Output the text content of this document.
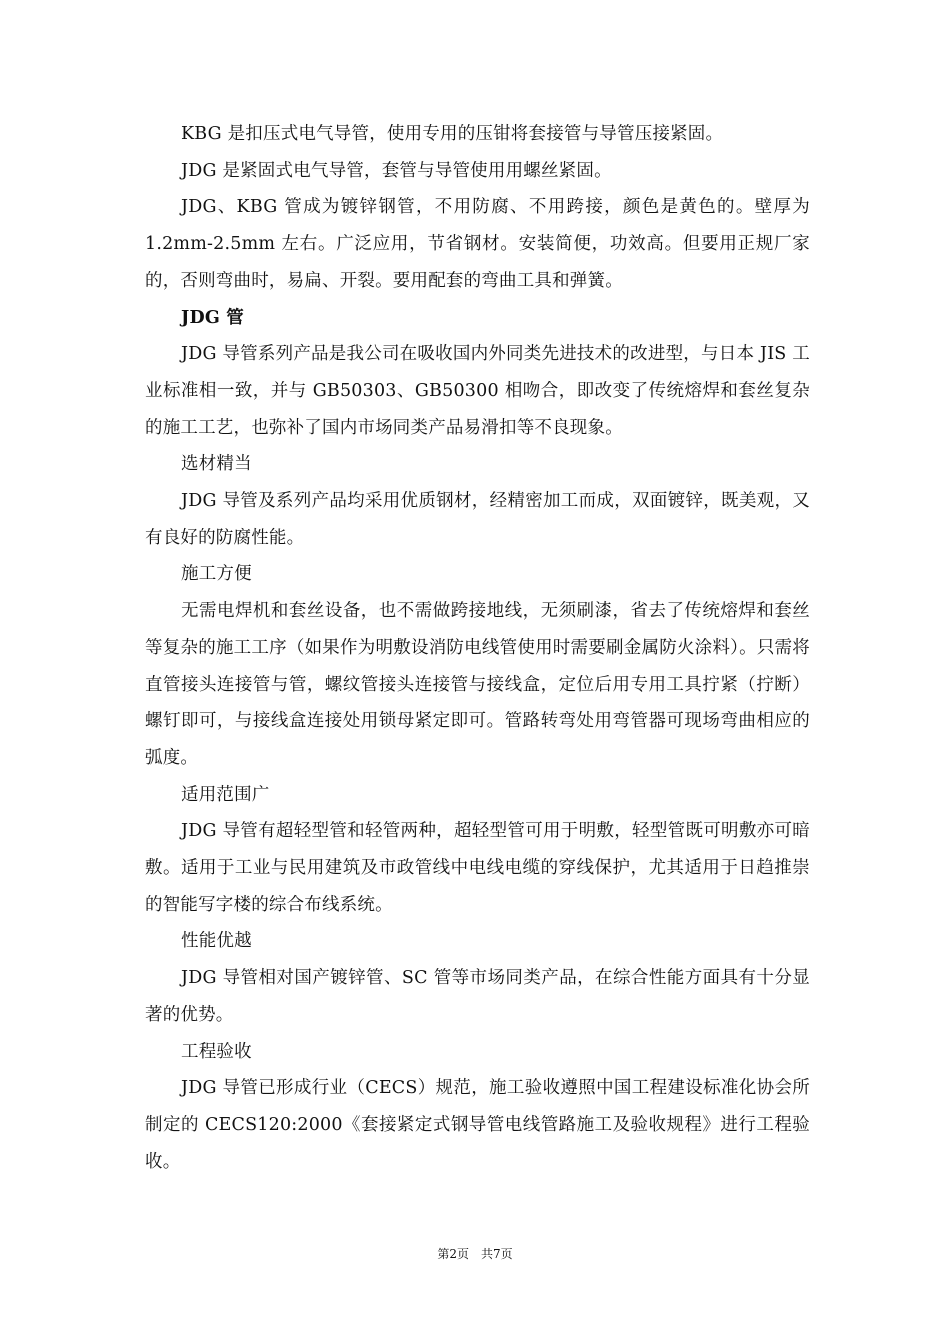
KBG 是扣压式电气导管，使用专用的压钳将套接管与导管压接紧固。

JDG 是紧固式电气导管，套管与导管使用用螺丝紧固。

JDG、KBG 管成为镀锌钢管，不用防腐、不用跨接，颜色是黄色的。壁厚为 1.2mm-2.5mm 左右。广泛应用，节省钢材。安装简便，功效高。但要用正规厂家的，否则弯曲时，易扁、开裂。要用配套的弯曲工具和弹簧。

JDG 管

JDG 导管系列产品是我公司在吸收国内外同类先进技术的改进型，与日本 JIS 工业标准相一致，并与 GB50303、GB50300 相吻合，即改变了传统熔焊和套丝复杂的施工工艺，也弥补了国内市场同类产品易滑扣等不良现象。

选材精当

JDG 导管及系列产品均采用优质钢材，经精密加工而成，双面镀锌，既美观，又有良好的防腐性能。

施工方便

无需电焊机和套丝设备，也不需做跨接地线，无须刷漆，省去了传统熔焊和套丝等复杂的施工工序（如果作为明敷设消防电线管使用时需要刷金属防火涂料）。只需将直管接头连接管与管，螺纹管接头连接管与接线盒，定位后用专用工具拧紧（拧断）螺钉即可，与接线盒连接处用锁母紧定即可。管路转弯处用弯管器可现场弯曲相应的弧度。

适用范围广

JDG 导管有超轻型管和轻管两种，超轻型管可用于明敷，轻型管既可明敷亦可暗敷。适用于工业与民用建筑及市政管线中电线电缆的穿线保护，尤其适用于日趋推崇的智能写字楼的综合布线系统。

性能优越

JDG 导管相对国产镀锌管、SC 管等市场同类产品，在综合性能方面具有十分显著的优势。

工程验收

JDG 导管已形成行业（CECS）规范，施工验收遵照中国工程建设标准化协会所制定的 CECS120:2000《套接紧定式钢导管电线管路施工及验收规程》进行工程验收。

第2页　共7页
